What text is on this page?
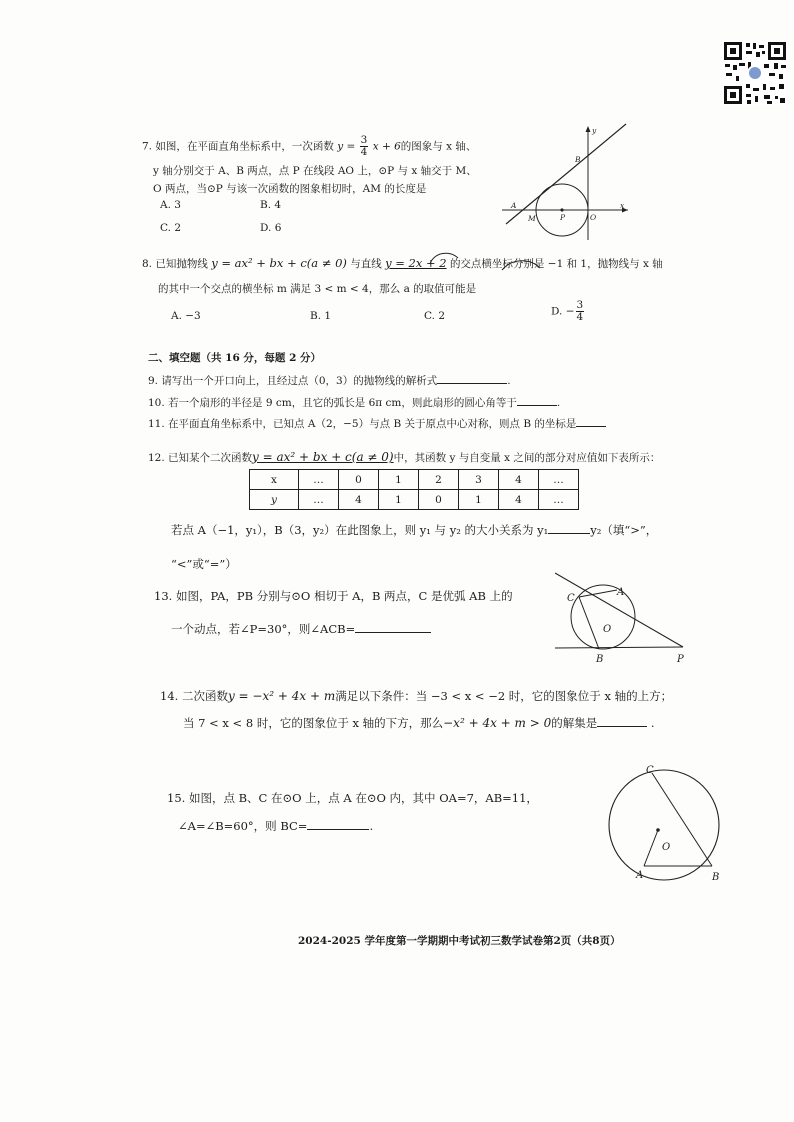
7. 如图，在平面直角坐标系中，一次函数 $y = \frac{3}{4}$ x + 6的图象与 x 轴、
y 轴分别交于 A、B 两点，点 P 在线段 AO 上，⊙P 与 x 轴交于 M、
O 两点，当⊙P 与该一次函数的图象相切时，AM 的长度是
A. 3	B. 4
C. 2	D. 6
y
B
A
M	P	O
x
8. 已知抛物线 y = ax² + bx + c(a ≠ 0) 与直线 y = 2x + 2 的交点横坐标分别是 −1 和 1，抛物线与 x 轴
的其中一个交点的横坐标 m 满足 3 < m < 4，那么 a 的取值可能是
A. −3	B. 1	C. 2	D. − $\frac{3}{4}$
二、填空题（共 16 分，每题 2 分）
9. 请写出一个开口向上，且经过点（0，3）的抛物线的解析式	.
10. 若一个扇形的半径是 9 cm，且它的弧长是 6π cm，则此扇形的圆心角等于	.
11. 在平面直角坐标系中，已知点 A（2，−5）与点 B 关于原点中心对称，则点 B 的坐标是
12. 已知某个二次函数y = ax² + bx + c(a ≠ 0)中，其函数 y 与自变量 x 之间的部分对应值如下表所示：
x	…	0	1	2	3	4	…
y	…	4	1	0	1	4	…
若点 A（−1，y₁），B（3，y₂）在此图象上，则 y₁ 与 y₂ 的大小关系为 y₁	y₂（填“>”，
“<”或“=”）
13. 如图，PA，PB 分别与⊙O 相切于 A，B 两点，C 是优弧 AB 上的
一个动点，若∠P=30°，则∠ACB=
C
A
O
B	P
14. 二次函数y = −x² + 4x + m满足以下条件：当 −3 < x < −2 时，它的图象位于 x 轴的上方；
当 7 < x < 8 时，它的图象位于 x 轴的下方，那么−x² + 4x + m > 0的解集是	.
15. 如图，点 B、C 在⊙O 上，点 A 在⊙O 内，其中 OA=7，AB=11，
∠A=∠B=60°，则 BC=	.
C
O
A	B
2024-2025 学年度第一学期期中考试初三数学试卷第2页（共8页）
